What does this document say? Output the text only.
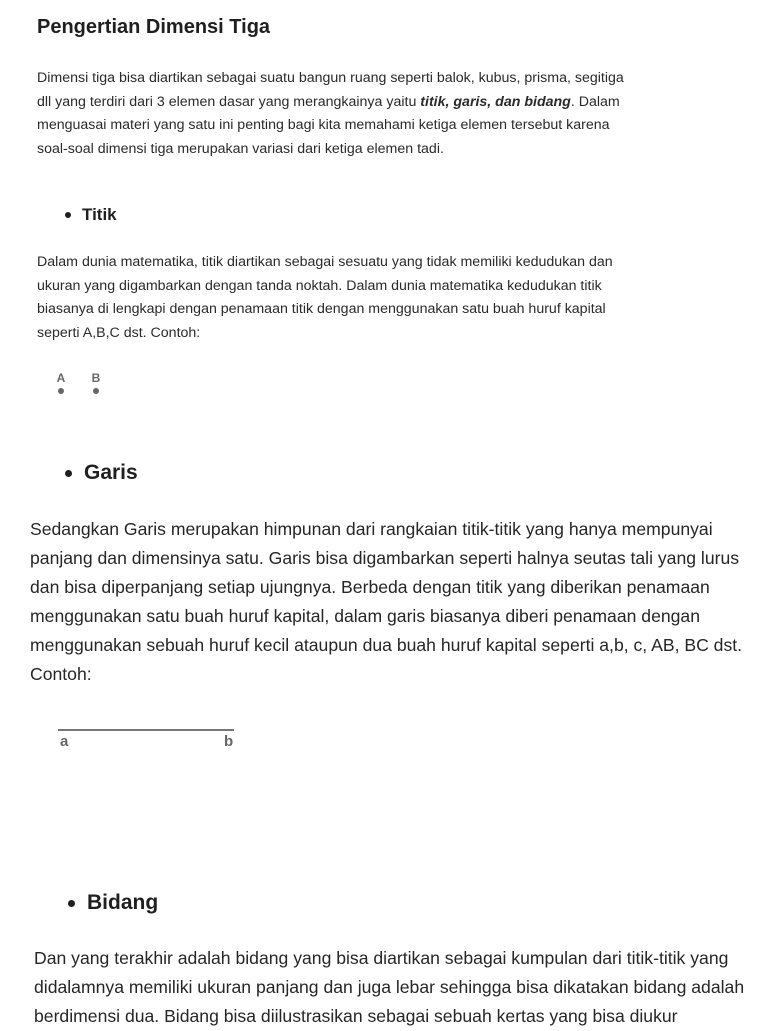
Pengertian Dimensi Tiga

Dimensi tiga bisa diartikan sebagai suatu bangun ruang seperti balok, kubus, prisma, segitiga dll yang terdiri dari 3 elemen dasar yang merangkainya yaitu titik, garis, dan bidang. Dalam menguasai materi yang satu ini penting bagi kita memahami ketiga elemen tersebut karena soal-soal dimensi tiga merupakan variasi dari ketiga elemen tadi.

Titik

Dalam dunia matematika, titik diartikan sebagai sesuatu yang tidak memiliki kedudukan dan ukuran yang digambarkan dengan tanda noktah. Dalam dunia matematika kedudukan titik biasanya di lengkapi dengan penamaan titik dengan menggunakan satu buah huruf kapital seperti A,B,C dst. Contoh:

A B
Garis

Sedangkan Garis merupakan himpunan dari rangkaian titik-titik yang hanya mempunyai panjang dan dimensinya satu. Garis bisa digambarkan seperti halnya seutas tali yang lurus dan bisa diperpanjang setiap ujungnya. Berbeda dengan titik yang diberikan penamaan menggunakan satu buah huruf kapital, dalam garis biasanya diberi penamaan dengan menggunakan sebuah huruf kecil ataupun dua buah huruf kapital seperti a,b, c, AB, BC dst. Contoh:

a	b
Bidang

Dan yang terakhir adalah bidang yang bisa diartikan sebagai kumpulan dari titik-titik yang didalamnya memiliki ukuran panjang dan juga lebar sehingga bisa dikatakan bidang adalah berdimensi dua. Bidang bisa diilustrasikan sebagai sebuah kertas yang bisa diukur
